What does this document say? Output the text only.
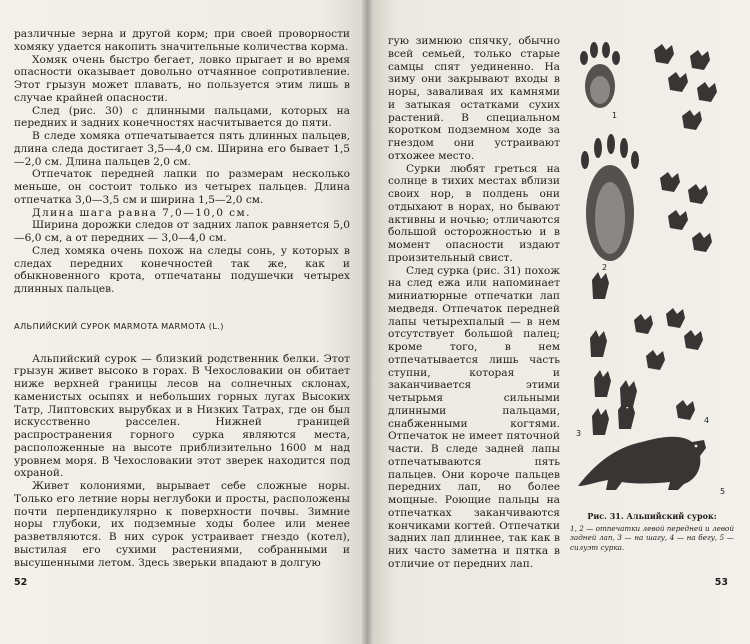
различные зерна и другой корм; при своей проворности хомяку удается накопить значительные количества корма.

Хомяк очень быстро бегает, ловко прыгает и во время опасности оказывает довольно отчаянное сопротивление. Этот грызун может плавать, но пользуется этим лишь в случае крайней опасности.

След (рис. 30) с длинными пальцами, которых на передних и задних конечностях насчитывается до пяти.

В следе хомяка отпечатывается пять длинных пальцев, длина следа достигает 3,5—4,0 см. Ширина его бывает 1,5—2,0 см. Длина пальцев 2,0 см.

Отпечаток передней лапки по размерам несколько меньше, он состоит только из четырех пальцев. Длина отпечатка 3,0—3,5 см и ширина 1,5—2,0 см.

Длина шага равна 7,0—10,0 см.

Ширина дорожки следов от задних лапок равняется 5,0—6,0 см, а от передних — 3,0—4,0 см.

След хомяка очень похож на следы сонь, у которых в следах передних конечностей так же, как и обыкновенного крота, отпечатаны подушечки четырех длинных пальцев.

АЛЬПИЙСКИЙ СУРОК MARMOTA MARMOTA (L.)

Альпийский сурок — близкий родственник белки. Этот грызун живет высоко в горах. В Чехословакии он обитает ниже верхней границы лесов на солнечных склонах, каменистых осыпях и небольших горных лугах Высоких Татр, Липтовских вырубках и в Низких Татрах, где он был искусственно расселен. Нижней границей распространения горного сурка являются места, расположенные на высоте приблизительно 1600 м над уровнем моря. В Чехословакии этот зверек находится под охраной.

Живет колониями, вырывает себе сложные норы. Только его летние норы неглубоки и просты, расположены почти перпендикулярно к поверхности почвы. Зимние норы глубоки, их подземные ходы более или менее разветвляются. В них сурок устраивает гнездо (котел), выстилая его сухими растениями, собранными и высушенными летом. Здесь зверьки впадают в долгую

52

гую зимнюю спячку, обычно всей семьей, только старые самцы спят уединенно. На зиму они закрывают входы в норы, заваливая их камнями и затыкая остатками сухих растений. В специальном коротком подземном ходе за гнездом они устраивают отхожее место.

Сурки любят греться на солнце в тихих местах вблизи своих нор, в полдень они отдыхают в норах, но бывают активны и ночью; отличаются большой осторожностью и в момент опасности издают произительный свист.

След сурка (рис. 31) похож на след ежа или напоминает миниатюрные отпечатки лап медведя. Отпечаток передней лапы четырехпалый — в нем отсутствует большой палец; кроме того, в нем отпечатывается лишь часть ступни, которая и заканчивается этими четырьмя сильными длинными пальцами, снабженными когтями. Отпечаток не имеет пяточной части. В следе задней лапы отпечатываются пять пальцев. Они короче пальцев передних лап, но более мощные. Роющие пальцы на отпечатках заканчиваются кончиками когтей. Отпечатки задних лап длиннее, так как в них часто заметна и пятка в отличие от передних лап.

1
2
3
4
5
Рис. 31. Альпийский сурок:
1, 2 — отпечатки левой передней и левой задней лап, 3 — на шагу, 4 — на бегу, 5 — силуэт сурка.
53
